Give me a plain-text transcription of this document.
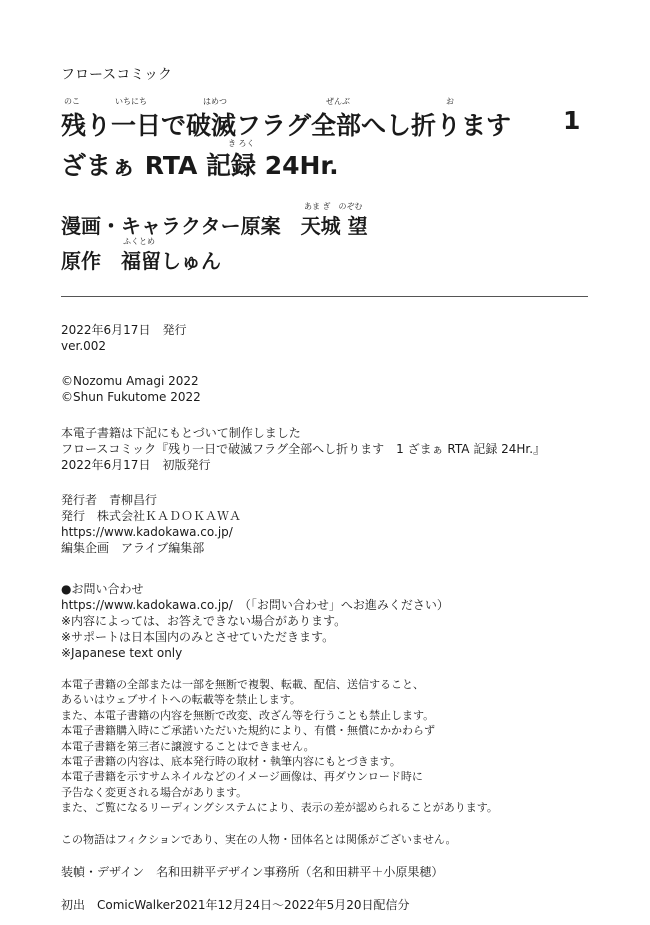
フロースコミック
のこ	いちにち	はめつ	ぜんぶ	お
残り一日で破滅フラグ全部へし折ります 1
き ろく
ざまぁ RTA 記録 24Hr.
あま ぎ　のぞむ
漫画・キャラクター原案　天城 望
ふくとめ
原作　福留しゅん
2022年6月17日　発行
ver.002
©Nozomu Amagi 2022
©Shun Fukutome 2022
本電子書籍は下記にもとづいて制作しました
フロースコミック『残り一日で破滅フラグ全部へし折ります　1 ざまぁ RTA 記録 24Hr.』
2022年6月17日　初版発行
発行者　青柳昌行
発行　株式会社ＫＡＤＯＫＡＷＡ
https://www.kadokawa.co.jp/
編集企画　アライブ編集部
●お問い合わせ
https://www.kadokawa.co.jp/　（「お問い合わせ」へお進みください）
※内容によっては、お答えできない場合があります。
※サポートは日本国内のみとさせていただきます。
※Japanese text only
本電子書籍の全部または一部を無断で複製、転載、配信、送信すること、
あるいはウェブサイトへの転載等を禁止します。
また、本電子書籍の内容を無断で改変、改ざん等を行うことも禁止します。
本電子書籍購入時にご承諾いただいた規約により、有償・無償にかかわらず
本電子書籍を第三者に譲渡することはできません。
本電子書籍の内容は、底本発行時の取材・執筆内容にもとづきます。
本電子書籍を示すサムネイルなどのイメージ画像は、再ダウンロード時に
予告なく変更される場合があります。
また、ご覧になるリーディングシステムにより、表示の差が認められることがあります。
この物語はフィクションであり、実在の人物・団体名とは関係がございません。
装幀・デザイン　名和田耕平デザイン事務所（名和田耕平＋小原果穂）
初出　ComicWalker2021年12月24日〜2022年5月20日配信分
